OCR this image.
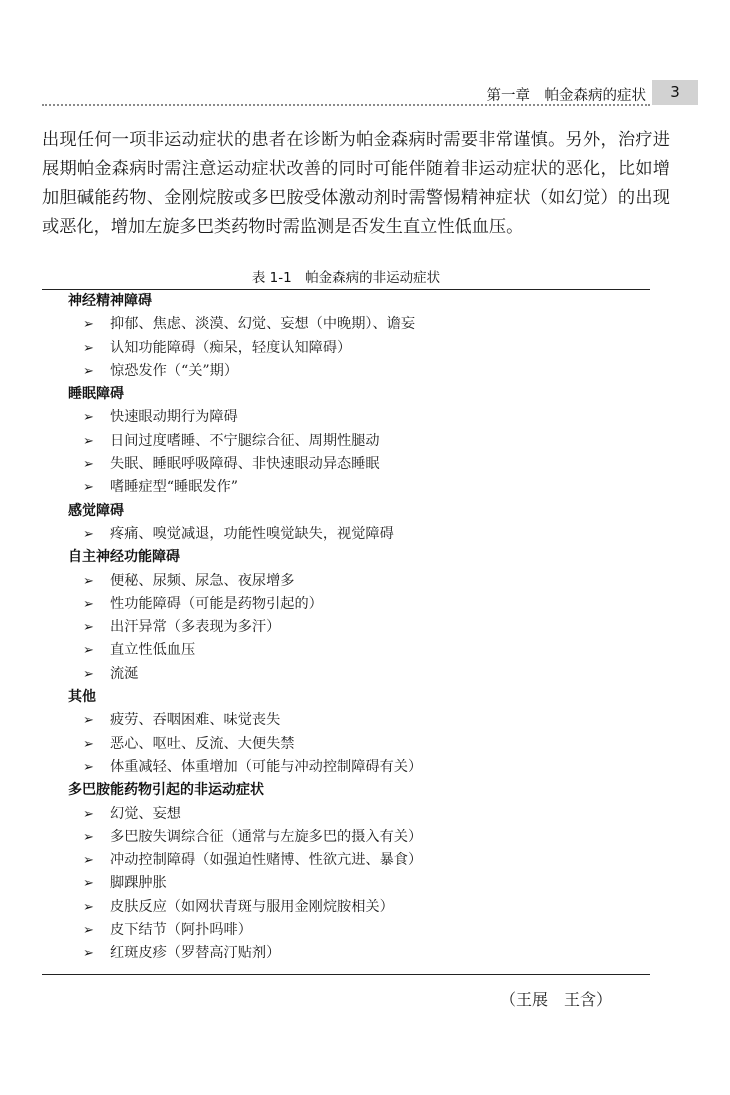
第一章　帕金森病的症状	3

出现任何一项非运动症状的患者在诊断为帕金森病时需要非常谨慎。另外，治疗进展期帕金森病时需注意运动症状改善的同时可能伴随着非运动症状的恶化，比如增加胆碱能药物、金刚烷胺或多巴胺受体激动剂时需警惕精神症状（如幻觉）的出现或恶化，增加左旋多巴类药物时需监测是否发生直立性低血压。

表 1-1　帕金森病的非运动症状
神经精神障碍
➢ 抑郁、焦虑、淡漠、幻觉、妄想（中晚期）、谵妄
➢ 认知功能障碍（痴呆，轻度认知障碍）
➢ 惊恐发作（“关”期）
睡眠障碍
➢ 快速眼动期行为障碍
➢ 日间过度嗜睡、不宁腿综合征、周期性腿动
➢ 失眠、睡眠呼吸障碍、非快速眼动异态睡眠
➢ 嗜睡症型“睡眠发作”
感觉障碍
➢ 疼痛、嗅觉减退，功能性嗅觉缺失，视觉障碍
自主神经功能障碍
➢ 便秘、尿频、尿急、夜尿增多
➢ 性功能障碍（可能是药物引起的）
➢ 出汗异常（多表现为多汗）
➢ 直立性低血压
➢ 流涎
其他
➢ 疲劳、吞咽困难、味觉丧失
➢ 恶心、呕吐、反流、大便失禁
➢ 体重减轻、体重增加（可能与冲动控制障碍有关）
多巴胺能药物引起的非运动症状
➢ 幻觉、妄想
➢ 多巴胺失调综合征（通常与左旋多巴的摄入有关）
➢ 冲动控制障碍（如强迫性赌博、性欲亢进、暴食）
➢ 脚踝肿胀
➢ 皮肤反应（如网状青斑与服用金刚烷胺相关）
➢ 皮下结节（阿扑吗啡）
➢ 红斑皮疹（罗替高汀贴剂）
（王展　王含）
